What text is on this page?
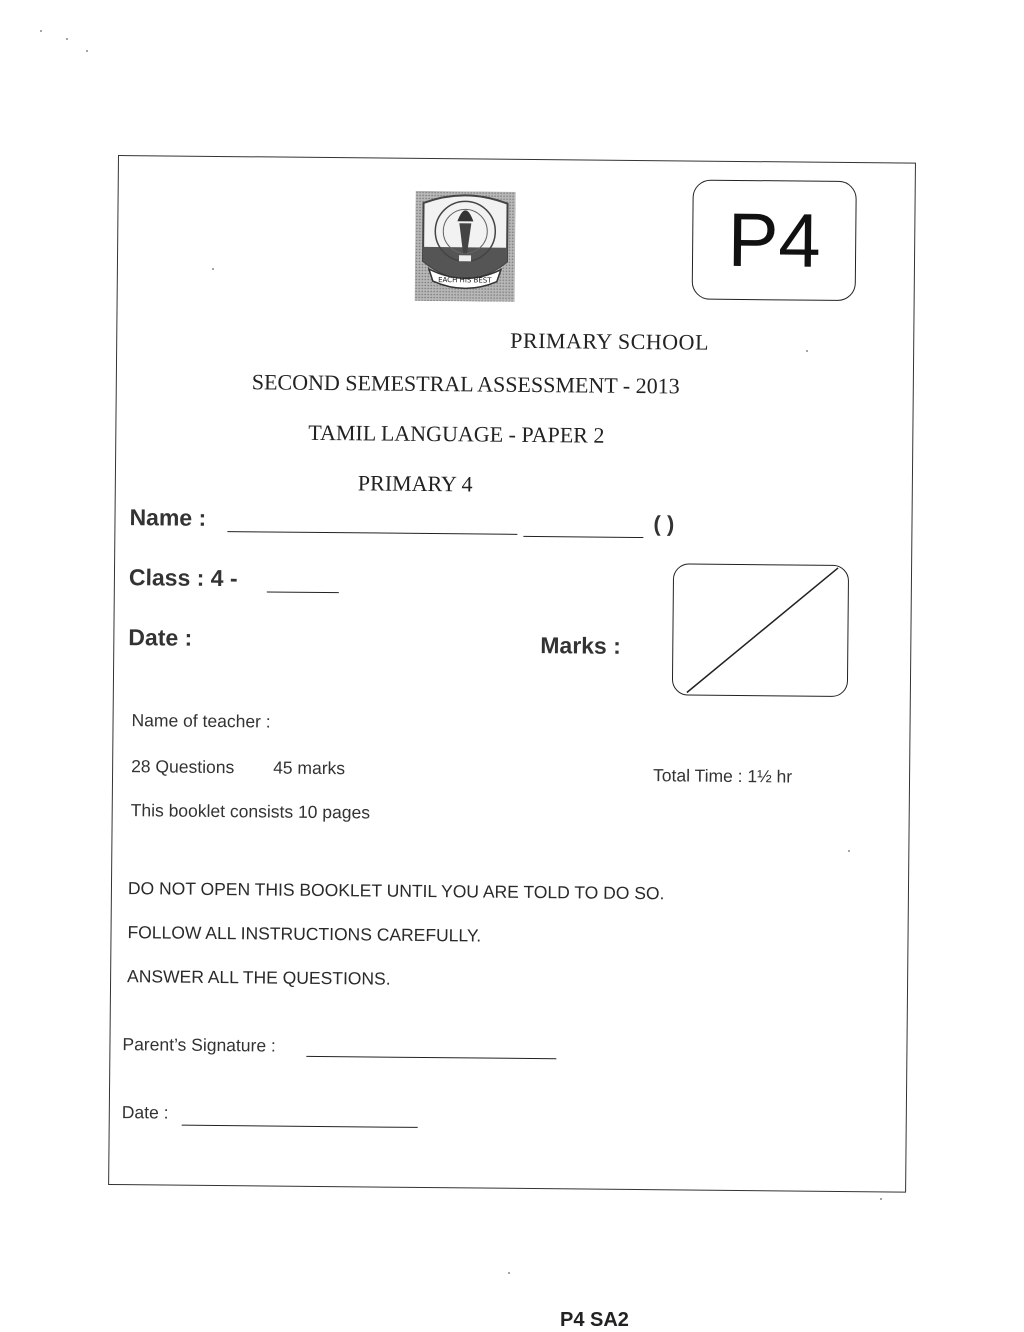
EACH HIS BEST	P4
PRIMARY SCHOOL
SECOND SEMESTRAL ASSESSMENT - 2013
TAMIL LANGUAGE - PAPER 2
PRIMARY 4
Name :	( )
Class : 4 -
Date :	Marks :
Name of teacher :
28 Questions 45 marks	Total Time : 1½ hr
This booklet consists 10 pages
DO NOT OPEN THIS BOOKLET UNTIL YOU ARE TOLD TO DO SO.
FOLLOW ALL INSTRUCTIONS CAREFULLY.
ANSWER ALL THE QUESTIONS.
Parent’s Signature :
Date :
P4 SA2
